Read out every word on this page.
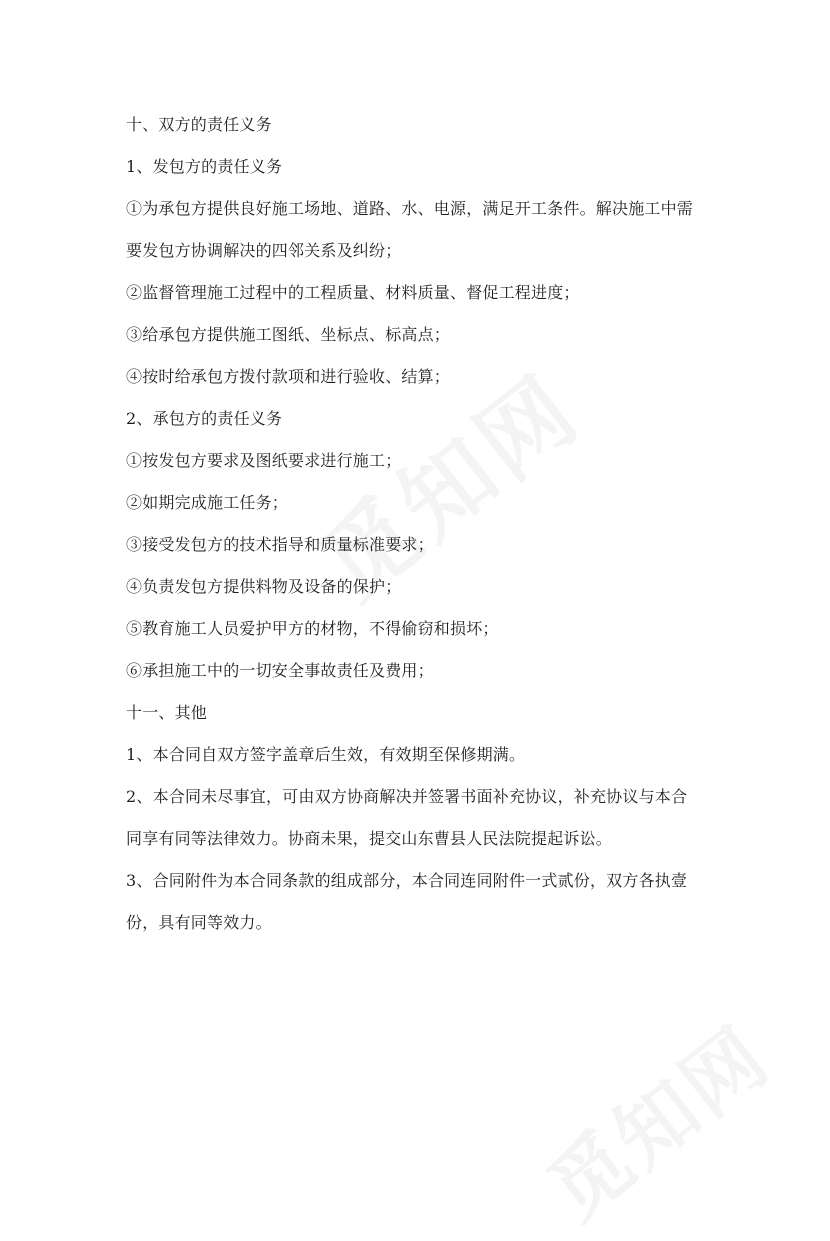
十、双方的责任义务
1、发包方的责任义务
①为承包方提供良好施工场地、道路、水、电源，满足开工条件。解决施工中需
要发包方协调解决的四邻关系及纠纷；
②监督管理施工过程中的工程质量、材料质量、督促工程进度；
③给承包方提供施工图纸、坐标点、标高点；
④按时给承包方拨付款项和进行验收、结算；
2、承包方的责任义务
①按发包方要求及图纸要求进行施工；
②如期完成施工任务；
③接受发包方的技术指导和质量标准要求；
④负责发包方提供料物及设备的保护；
⑤教育施工人员爱护甲方的材物，不得偷窃和损坏；
⑥承担施工中的一切安全事故责任及费用；
十一、其他
1、本合同自双方签字盖章后生效，有效期至保修期满。
2、本合同未尽事宜，可由双方协商解决并签署书面补充协议，补充协议与本合
同享有同等法律效力。协商未果，提交山东曹县人民法院提起诉讼。
3、合同附件为本合同条款的组成部分，本合同连同附件一式贰份，双方各执壹
份，具有同等效力。
